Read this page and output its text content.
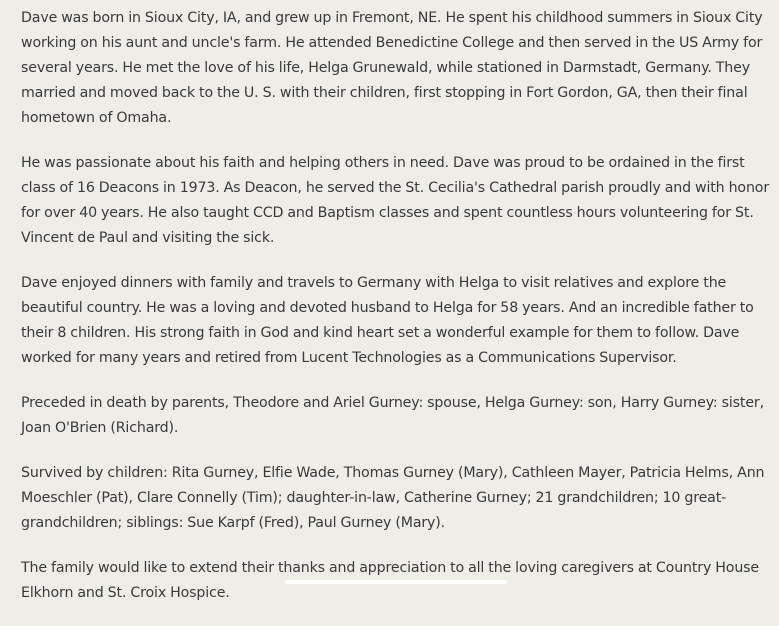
Dave was born in Sioux City, IA, and grew up in Fremont, NE. He spent his childhood summers in Sioux City working on his aunt and uncle's farm. He attended Benedictine College and then served in the US Army for several years. He met the love of his life, Helga Grunewald, while stationed in Darmstadt, Germany. They married and moved back to the U. S. with their children, first stopping in Fort Gordon, GA, then their final hometown of Omaha.

He was passionate about his faith and helping others in need. Dave was proud to be ordained in the first class of 16 Deacons in 1973. As Deacon, he served the St. Cecilia's Cathedral parish proudly and with honor for over 40 years. He also taught CCD and Baptism classes and spent countless hours volunteering for St. Vincent de Paul and visiting the sick.

Dave enjoyed dinners with family and travels to Germany with Helga to visit relatives and explore the beautiful country. He was a loving and devoted husband to Helga for 58 years. And an incredible father to their 8 children. His strong faith in God and kind heart set a wonderful example for them to follow. Dave worked for many years and retired from Lucent Technologies as a Communications Supervisor.

Preceded in death by parents, Theodore and Ariel Gurney: spouse, Helga Gurney: son, Harry Gurney: sister, Joan O'Brien (Richard).

Survived by children: Rita Gurney, Elfie Wade, Thomas Gurney (Mary), Cathleen Mayer, Patricia Helms, Ann Moeschler (Pat), Clare Connelly (Tim); daughter-in-law, Catherine Gurney; 21 grandchildren; 10 great-grandchildren; siblings: Sue Karpf (Fred), Paul Gurney (Mary).

The family would like to extend their thanks and appreciation to all the loving caregivers at Country House Elkhorn and St. Croix Hospice.
